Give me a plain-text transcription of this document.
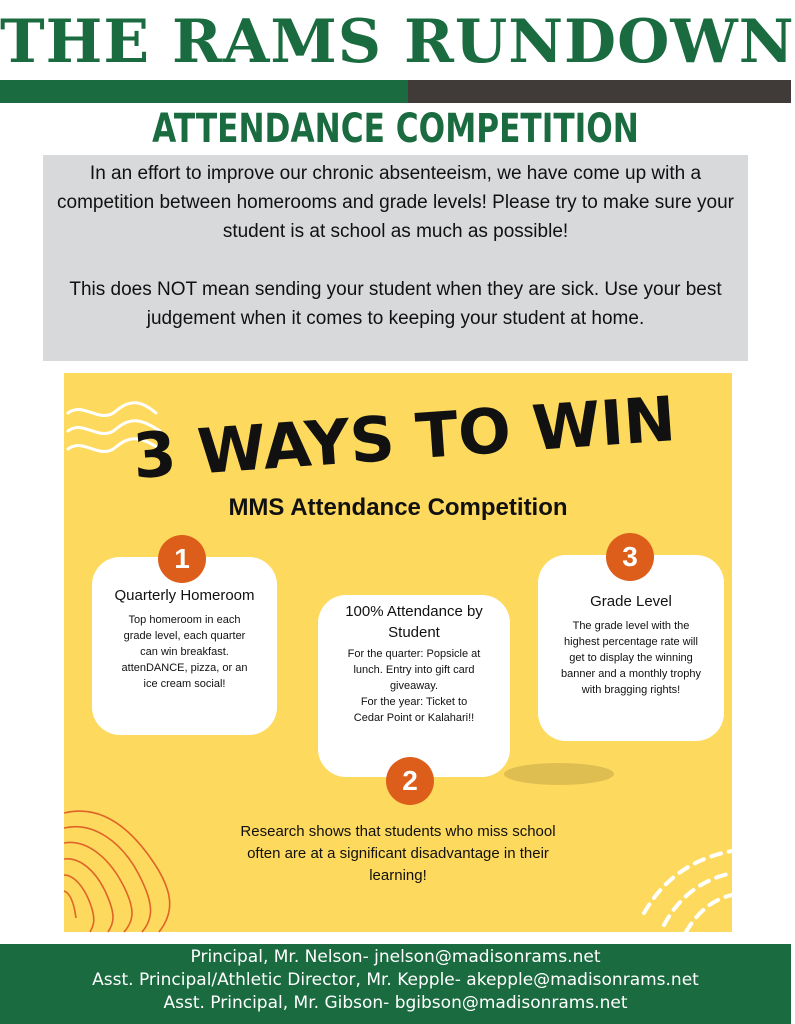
THE RAMS RUNDOWN
ATTENDANCE COMPETITION

In an effort to improve our chronic absenteeism, we have come up with a competition between homerooms and grade levels! Please try to make sure your student is at school as much as possible!

This does NOT mean sending your student when they are sick. Use your best judgement when it comes to keeping your student at home.

3 WAYS TO WIN
MMS Attendance Competition
Quarterly Homeroom
Top homeroom in each grade level, each quarter can win breakfast. attenDANCE, pizza, or an ice cream social!
1
100% Attendance by Student
For the quarter: Popsicle at lunch. Entry into gift card giveaway.
For the year: Ticket to Cedar Point or Kalahari!!
2
Grade Level
The grade level with the highest percentage rate will get to display the winning banner and a monthly trophy with bragging rights!
3
Research shows that students who miss school often are at a significant disadvantage in their learning!
Principal, Mr. Nelson- jnelson@madisonrams.net
Asst. Principal/Athletic Director, Mr. Kepple- akepple@madisonrams.net
Asst. Principal, Mr. Gibson- bgibson@madisonrams.net
